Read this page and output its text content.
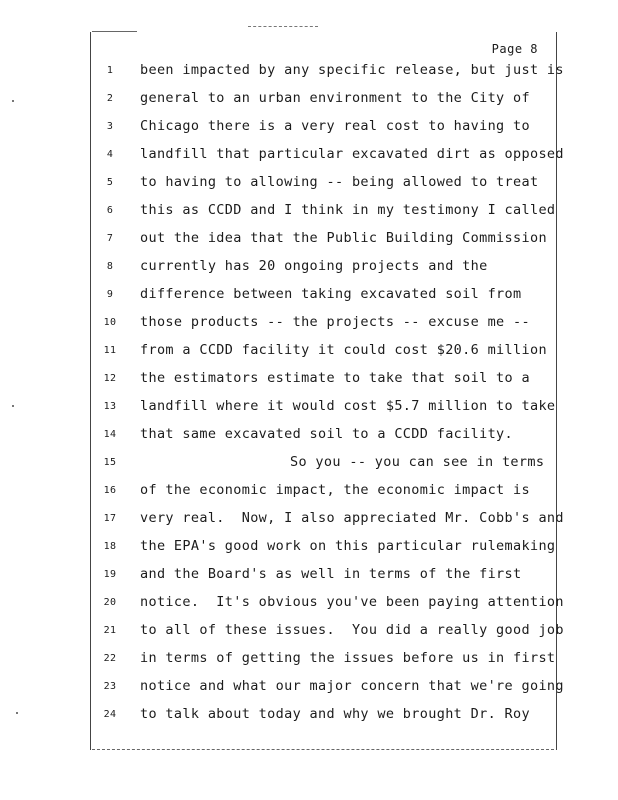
Page 8
1	been impacted by any specific release, but just is
2	general to an urban environment to the City of
3	Chicago there is a very real cost to having to
4	landfill that particular excavated dirt as opposed
5	to having to allowing -- being allowed to treat
6	this as CCDD and I think in my testimony I called
7	out the idea that the Public Building Commission
8	currently has 20 ongoing projects and the
9	difference between taking excavated soil from
10 those products -- the projects -- excuse me --
11 from a CCDD facility it could cost $20.6 million
12 the estimators estimate to take that soil to a
13 landfill where it would cost $5.7 million to take
14 that same excavated soil to a CCDD facility.
15	So you -- you can see in terms
16 of the economic impact, the economic impact is
17 very real.  Now, I also appreciated Mr. Cobb's and
18 the EPA's good work on this particular rulemaking
19 and the Board's as well in terms of the first
20 notice.  It's obvious you've been paying attention
21 to all of these issues.  You did a really good job
22 in terms of getting the issues before us in first
23 notice and what our major concern that we're going
24 to talk about today and why we brought Dr. Roy
